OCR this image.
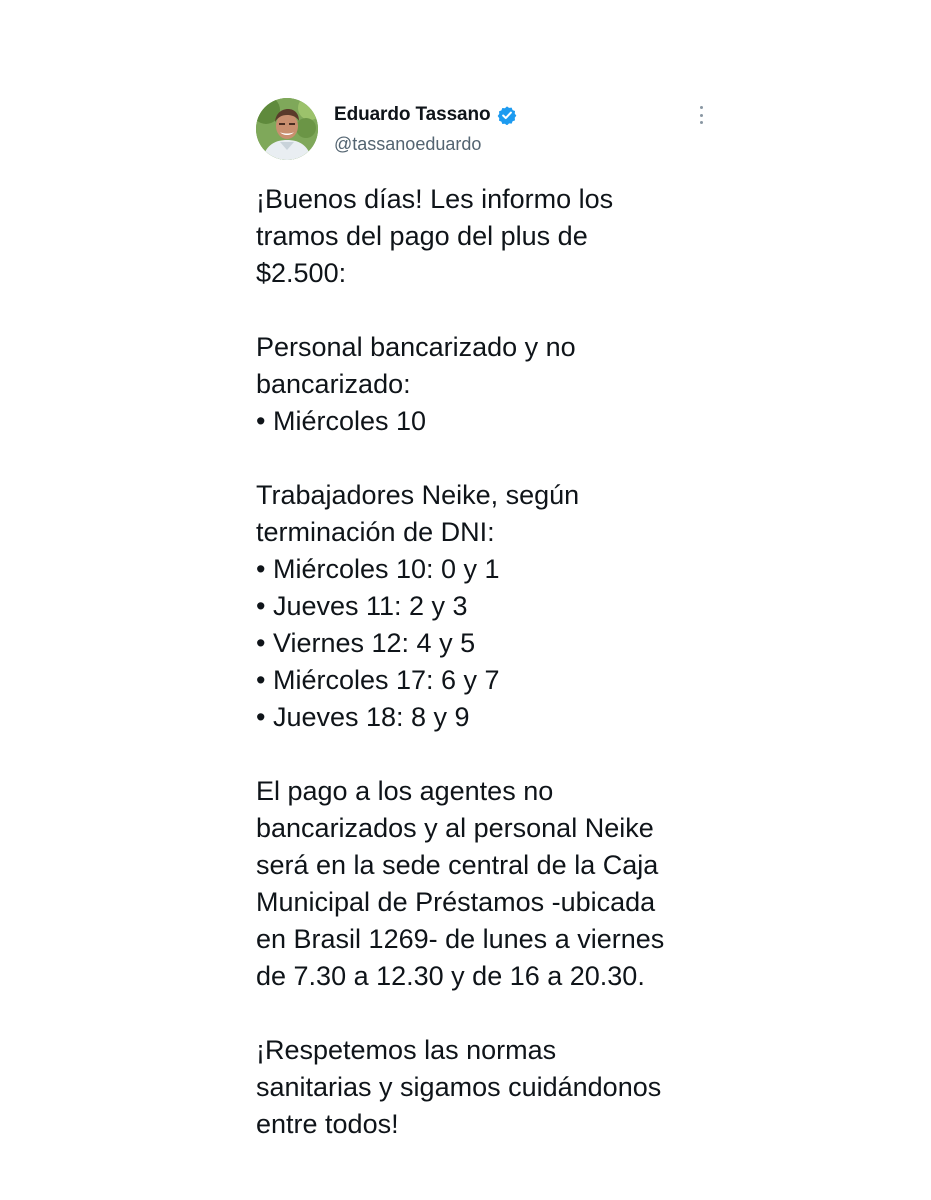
Eduardo Tassano
@tassanoeduardo

¡Buenos días! Les informo los
tramos del pago del plus de
$2.500:

Personal bancarizado y no
bancarizado:
• Miércoles 10

Trabajadores Neike, según
terminación de DNI:
• Miércoles 10: 0 y 1
• Jueves 11: 2 y 3
• Viernes 12: 4 y 5
• Miércoles 17: 6 y 7
• Jueves 18: 8 y 9

El pago a los agentes no
bancarizados y al personal Neike
será en la sede central de la Caja
Municipal de Préstamos -ubicada
en Brasil 1269- de lunes a viernes
de 7.30 a 12.30 y de 16 a 20.30.

¡Respetemos las normas
sanitarias y sigamos cuidándonos
entre todos!
